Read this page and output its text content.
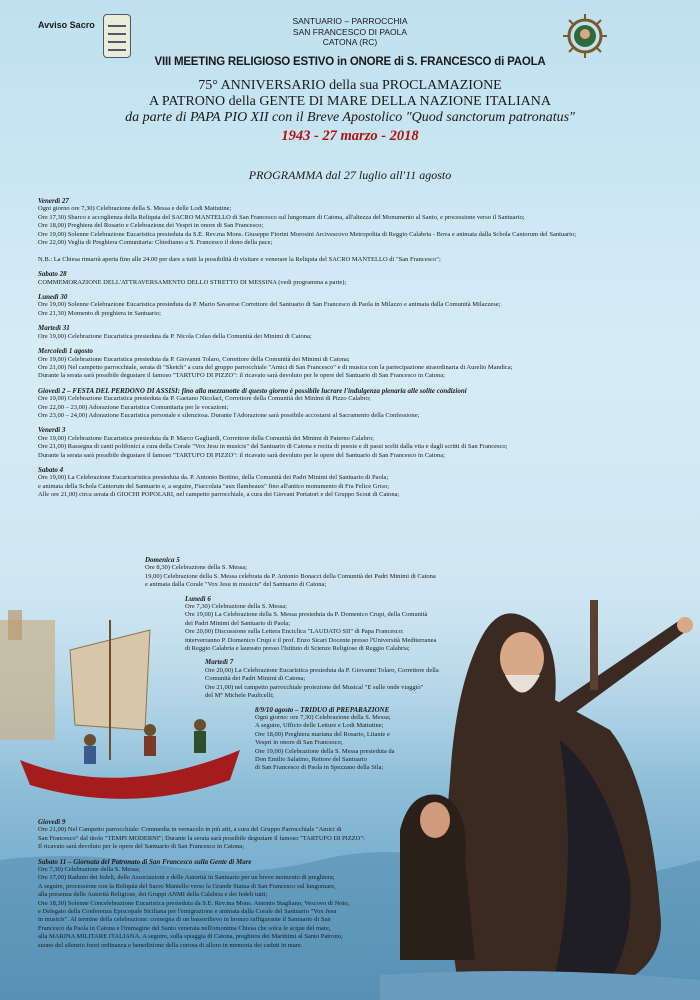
Avviso Sacro	SANTUARIO – PARROCCHIA
SAN FRANCESCO DI PAOLA
CATONA (RC)
VIII MEETING RELIGIOSO ESTIVO in ONORE di S. FRANCESCO di PAOLA
75° ANNIVERSARIO della sua PROCLAMAZIONE
A PATRONO della GENTE DI MARE DELLA NAZIONE ITALIANA
da parte di PAPA PIO XII con il Breve Apostolico "Quod sanctorum patronatus"
1943 - 27 marzo - 2018
PROGRAMMA dal 27 luglio all'11 agosto

Venerdì 27

Ogni giorno ore 7,30) Celebrazione della S. Messa e delle Lodi Mattutine;

Ore 17,30) Sbarco e accoglienza della Reliquia del SACRO MANTELLO di San Francesco sul lungomare di Catona, all'altezza del Monumento al Santo, e processione verso il Santuario;

Ore 18,00) Preghiera del Rosario e Celebrazione dei Vespri in onore di San Francesco;

Ore 19,00) Solenne Celebrazione Eucaristica presieduta da S.E. Rev.ma Mons. Giuseppe Fiorini Morosini Arcivescovo Metropolita di Reggio Calabria - Bova e animata dalla Schola Cantorum del Santuario;

Ore 22,00) Veglia di Preghiera Comunitaria: Chiediamo a S. Francesco il dono della pace;

N.B.: La Chiesa rimarrà aperta fino alle 24.00 per dare a tutti la possibilità di visitare e venerare la Reliquia del SACRO MANTELLO di "San Francesco";

Sabato 28

COMMEMORAZIONE DELL'ATTRAVERSAMENTO DELLO STRETTO DI MESSINA (vedi programma a parte);

Lunedì 30

Ore 19,00) Solenne Celebrazione Eucaristica presieduta da P. Mario Savarese Correttore del Santuario di San Francesco di Paola in Milazzo e animata dalla Comunità Milazzese;

Ore 21,30) Momento di preghiera in Santuario;

Martedì 31

Ore 19,00) Celebrazione Eucaristica presieduta da P. Nicola Colao della Comunità dei Minimi di Catona;

Mercoledì 1 agosto

Ore 19,00) Celebrazione Eucaristica presieduta da P. Giovanni Tolaro, Correttore della Comunità dei Minimi di Catona;

Ore 21,00) Nel campetto parrocchiale, serata di "Sketch" a cura del gruppo parrocchiale "Amici di San Francesco" e di musica con la partecipazione straordinaria di Aurelio Mandica;

Durante la serata sarà possibile degustare il famoso "TARTUFO DI PIZZO": il ricavato sarà devoluto per le opere del Santuario di San Francesco in Catona;

Giovedì 2 – FESTA DEL PERDONO DI ASSISI: fino alla mezzanotte di questo giorno è possibile lucrare l'indulgenza plenaria alle solite condizioni

Ore 19,00) Celebrazione Eucaristica presieduta da P. Gaetano Nicolaci, Correttore della Comunità dei Minimi di Pizzo Calabro;

Ore 22,00 – 23,00) Adorazione Eucaristica Comunitaria per le vocazioni;

Ore 23,00 – 24,00) Adorazione Eucaristica personale e silenziosa. Durante l'Adorazione sarà possibile accostarsi al Sacramento della Confessione;

Venerdì 3

Ore 19,00) Celebrazione Eucaristica presieduta da P. Marco Gagliardi, Correttore della Comunità dei Minimi di Paterno Calabro;

Ore 21,00) Rassegna di canti polifonici a cura della Corale "Vox Jesu in musicis" del Santuario di Catona e recita di poesie e di passi scelti dalla vita e dagli scritti di San Francesco;

Durante la serata sarà possibile degustare il famoso "TARTUFO DI PIZZO": il ricavato sarà devoluto per le opere del Santuario di San Francesco in Catona;

Sabato 4

Ore 19,00) La Celebrazione Eucaricaristica presieduta da. P. Antonio Bottino, della Comunità dei Padri Minimi del Santuario di Paola;

e animata della Schola Cantorum del Santuario e, a seguire, Fiaccolata "aux flambeaux" fino all'antico monumento di Fra Felice Griso;

Alle ore 21,00) circa serata di GIOCHI POPOLARI, nel campetto parrocchiale, a cura dei Giovani Portatori e del Gruppo Scout di Catona;

Domenica 5

Ore 8,30) Celebrazione della S. Messa;

19,00) Celebrazione della S. Messa celebrata da P. Antonio Bonacci della Comunità dei Padri Minimi di Catona

e animata dalla Corale "Vox Jesu in musicis" del Santuario di Catona;

Lunedì 6

Ore 7,30) Celebrazione della S. Messa;

Ore 19,00) La Celebrazione della S. Messa presieduta da P. Domenico Crupi, della Comunità

dei Padri Minimi del Santuario di Paola;

Ore 20,00) Discussione sulla Lettera Enciclica "LAUDATO SII" di Papa Francesco:

interverranno P. Domenico Crupi e il prof. Enzo Sicari Docente presso l'Università Mediterranea

di Reggio Calabria e laureato presso l'Istituto di Scienze Religiose di Reggio Calabria;

Martedì 7

Ore 20,00) La Celebrazione Eucaristica presieduta da P. Giovanni Tolaro, Correttore della

Comunità dei Padri Minimi di Catona;

Ore 21,00) nel campetto parrocchiale proiezione del Musical "E sulle onde viaggiò"

del M° Michele Paulicelli;

8/9/10 agosto – TRIDUO di PREPARAZIONE

Ogni giorno: ore 7,30) Celebrazione della S. Messa;

A seguire, Ufficio delle Letture e Lodi Mattutine;

Ore 18,00) Preghiera mariana del Rosario, Litanie e

Vespri in onore di San Francesco;

Ore 19,00) Celebrazione della S. Messa presieduta da

Don Emilio Salatino, Rettore del Santuario

di San Francesco di Paola in Spezzano della Sila;

Giovedì 9

Ore 21,00) Nel Campetto parrocchiale: Commedia in vernacolo in più atti, a cura del Gruppo Parrocchiale "Amici di

San Francesco" dal titolo "TEMPI MODERNI"; Durante la serata sarà possibile degustare il famoso "TARTUFO DI PIZZO":

Il ricavato sarà devoluto per le opere del Santuario di San Francesco in Catona;

Sabato 11 – Giornata del Patronato di San Francesco sulla Gente di Mare

Ore 7,30) Celebrazione della S. Messa;

Ore 17,00) Raduno dei fedeli, delle Associazioni e delle Autorità in Santuario per un breve momento di preghiera;

A seguire, processione con la Reliquia del Sacro Mantello verso la Grande Statua di San Francesco sul lungomare,

alla presenza delle Autorità Religiose, dei Gruppi ANMI della Calabria e dei fedeli tutti;

Ore 18,30) Solenne Concelebrazione Eucaristica presieduta da S.E. Rev.ma Mons. Antonio Stagliano, Vescovo di Noto,

e Delegato della Conferenza Episcopale Siciliana per l'emigrazione e animata dalla Corale del Santuario "Vox Jesu

in musicis". Al termine della celebrazione: consegna di un bassorilievo in bronzo raffigurante il Santuario di San

Francesco da Paola in Catona e l'immagine del Santo venerata nell'omonima Chiesa che solca le acque del mare,

alla MARINA MILITARE ITALIANA. A seguire, sulla spiaggia di Catona, preghiera dei Marittimi al Santo Patrono,

suono del silenzio fuori ordinanza e benedizione della corona di alloro in memoria dei caduti in mare.
